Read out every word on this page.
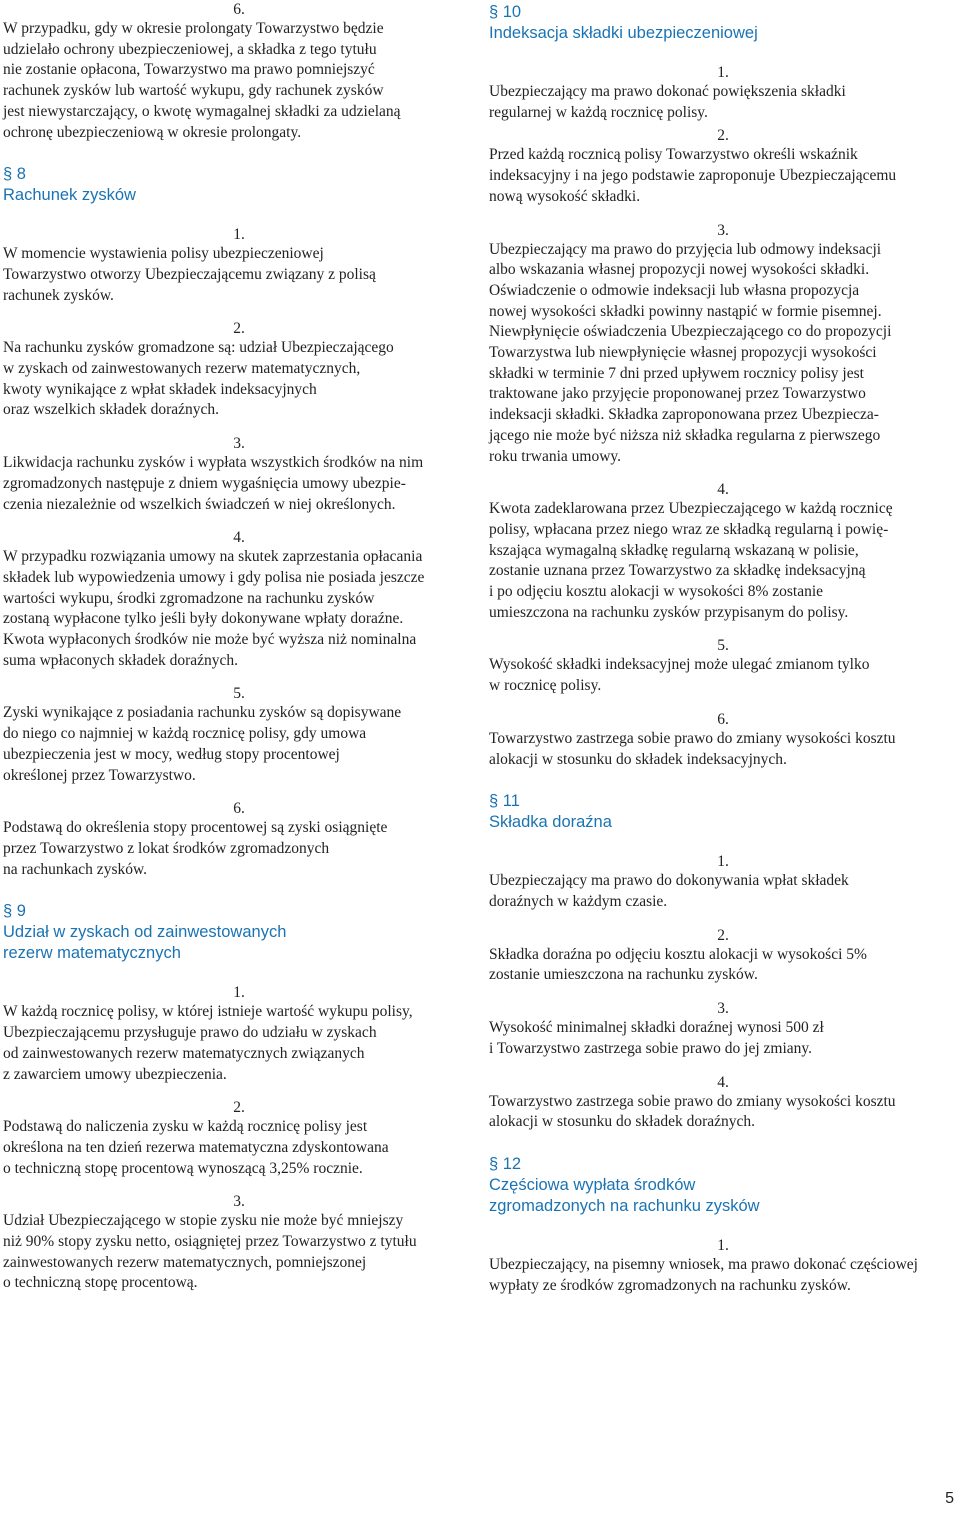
6.

W przypadku, gdy w okresie prolongaty Towarzystwo będzie
udzielało ochrony ubezpieczeniowej, a składka z tego tytułu
nie zostanie opłacona, Towarzystwo ma prawo pomniejszyć
rachunek zysków lub wartość wykupu, gdy rachunek zysków
jest niewystarczający, o kwotę wymagalnej składki za udzielaną
ochronę ubezpieczeniową w okresie prolongaty.

§ 8

Rachunek zysków

1.

W momencie wystawienia polisy ubezpieczeniowej
Towarzystwo otworzy Ubezpieczającemu związany z polisą
rachunek zysków.

2.

Na rachunku zysków gromadzone są: udział Ubezpieczającego
w zyskach od zainwestowanych rezerw matematycznych,
kwoty wynikające z wpłat składek indeksacyjnych
oraz wszelkich składek doraźnych.

3.

Likwidacja rachunku zysków i wypłata wszystkich środków na nim
zgromadzonych następuje z dniem wygaśnięcia umowy ubezpie-
czenia niezależnie od wszelkich świadczeń w niej określonych.

4.

W przypadku rozwiązania umowy na skutek zaprzestania opłacania
składek lub wypowiedzenia umowy i gdy polisa nie posiada jeszcze
wartości wykupu, środki zgromadzone na rachunku zysków
zostaną wypłacone tylko jeśli były dokonywane wpłaty doraźne.
Kwota wypłaconych środków nie może być wyższa niż nominalna
suma wpłaconych składek doraźnych.

5.

Zyski wynikające z posiadania rachunku zysków są dopisywane
do niego co najmniej w każdą rocznicę polisy, gdy umowa
ubezpieczenia jest w mocy, według stopy procentowej
określonej przez Towarzystwo.

6.

Podstawą do określenia stopy procentowej są zyski osiągnięte
przez Towarzystwo z lokat środków zgromadzonych
na rachunkach zysków.

§ 9

Udział w zyskach od zainwestowanych
rezerw matematycznych

1.

W każdą rocznicę polisy, w której istnieje wartość wykupu polisy,
Ubezpieczającemu przysługuje prawo do udziału w zyskach
od zainwestowanych rezerw matematycznych związanych
z zawarciem umowy ubezpieczenia.

2.

Podstawą do naliczenia zysku w każdą rocznicę polisy jest
określona na ten dzień rezerwa matematyczna zdyskontowana
o techniczną stopę procentową wynoszącą 3,25% rocznie.

3.

Udział Ubezpieczającego w stopie zysku nie może być mniejszy
niż 90% stopy zysku netto, osiągniętej przez Towarzystwo z tytułu
zainwestowanych rezerw matematycznych, pomniejszonej
o techniczną stopę procentową.

§ 10

Indeksacja składki ubezpieczeniowej

1.

Ubezpieczający ma prawo dokonać powiększenia składki
regularnej w każdą rocznicę polisy.

2.

Przed każdą rocznicą polisy Towarzystwo określi wskaźnik
indeksacyjny i na jego podstawie zaproponuje Ubezpieczającemu
nową wysokość składki.

3.

Ubezpieczający ma prawo do przyjęcia lub odmowy indeksacji
albo wskazania własnej propozycji nowej wysokości składki.
Oświadczenie o odmowie indeksacji lub własna propozycja
nowej wysokości składki powinny nastąpić w formie pisemnej.
Niewpłynięcie oświadczenia Ubezpieczającego co do propozycji
Towarzystwa lub niewpłynięcie własnej propozycji wysokości
składki w terminie 7 dni przed upływem rocznicy polisy jest
traktowane jako przyjęcie proponowanej przez Towarzystwo
indeksacji składki. Składka zaproponowana przez Ubezpiecza-
jącego nie może być niższa niż składka regularna z pierwszego
roku trwania umowy.

4.

Kwota zadeklarowana przez Ubezpieczającego w każdą rocznicę
polisy, wpłacana przez niego wraz ze składką regularną i powię-
kszająca wymagalną składkę regularną wskazaną w polisie,
zostanie uznana przez Towarzystwo za składkę indeksacyjną
i po odjęciu kosztu alokacji w wysokości 8% zostanie
umieszczona na rachunku zysków przypisanym do polisy.

5.

Wysokość składki indeksacyjnej może ulegać zmianom tylko
w rocznicę polisy.

6.

Towarzystwo zastrzega sobie prawo do zmiany wysokości kosztu
alokacji w stosunku do składek indeksacyjnych.

§ 11

Składka doraźna

1.

Ubezpieczający ma prawo do dokonywania wpłat składek
doraźnych w każdym czasie.

2.

Składka doraźna po odjęciu kosztu alokacji w wysokości 5%
zostanie umieszczona na rachunku zysków.

3.

Wysokość minimalnej składki doraźnej wynosi 500 zł
i Towarzystwo zastrzega sobie prawo do jej zmiany.

4.

Towarzystwo zastrzega sobie prawo do zmiany wysokości kosztu
alokacji w stosunku do składek doraźnych.

§ 12

Częściowa wypłata środków
zgromadzonych na rachunku zysków

1.

Ubezpieczający, na pisemny wniosek, ma prawo dokonać częściowej
wypłaty ze środków zgromadzonych na rachunku zysków.

5
